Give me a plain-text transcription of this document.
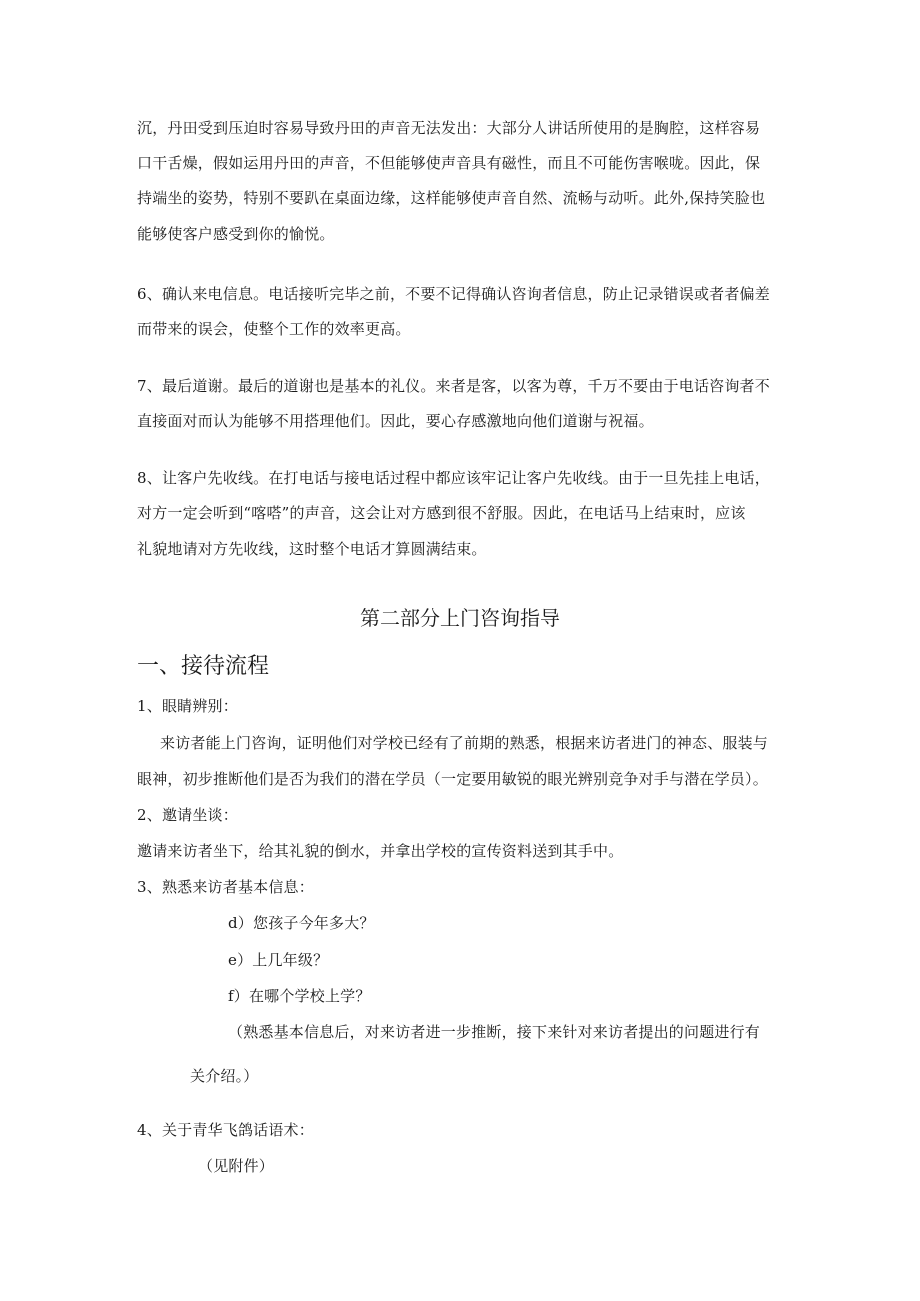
沉，丹田受到压迫时容易导致丹田的声音无法发出：大部分人讲话所使用的是胸腔，这样容易
口干舌燥，假如运用丹田的声音，不但能够使声音具有磁性，而且不可能伤害喉咙。因此，保
持端坐的姿势，特别不要趴在桌面边缘，这样能够使声音自然、流畅与动听。此外,保持笑脸也
能够使客户感受到你的愉悦。
6、确认来电信息。电话接听完毕之前，不要不记得确认咨询者信息，防止记录错误或者者偏差
而带来的误会，使整个工作的效率更高。
7、最后道谢。最后的道谢也是基本的礼仪。来者是客，以客为尊，千万不要由于电话咨询者不
直接面对而认为能够不用搭理他们。因此，要心存感激地向他们道谢与祝福。
8、让客户先收线。在打电话与接电话过程中都应该牢记让客户先收线。由于一旦先挂上电话，
对方一定会听到“喀嗒”的声音，这会让对方感到很不舒服。因此，在电话马上结束时，应该
礼貌地请对方先收线，这时整个电话才算圆满结束。
第二部分上门咨询指导
一、接待流程
1、眼睛辨别：
来访者能上门咨询，证明他们对学校已经有了前期的熟悉，根据来访者进门的神态、服装与
眼神，初步推断他们是否为我们的潜在学员（一定要用敏锐的眼光辨别竞争对手与潜在学员）。
2、邀请坐谈：
邀请来访者坐下，给其礼貌的倒水，并拿出学校的宣传资料送到其手中。
3、熟悉来访者基本信息：
d）您孩子今年多大？
e）上几年级？
f）在哪个学校上学？
（熟悉基本信息后，对来访者进一步推断，接下来针对来访者提出的问题进行有
关介绍。）
4、关于青华飞鸽话语术：
（见附件）
